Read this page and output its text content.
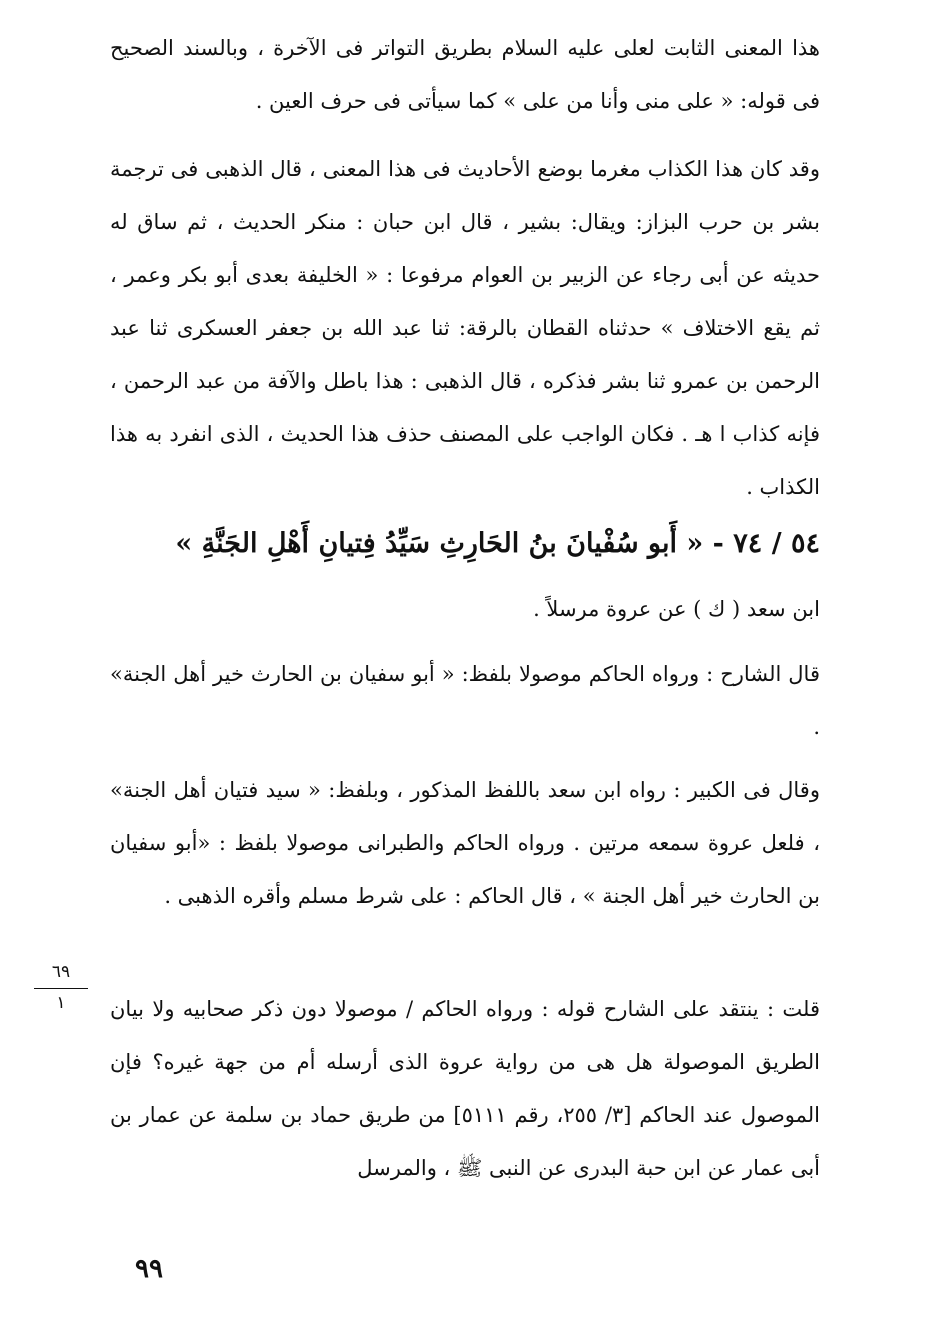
هذا المعنى الثابت لعلى عليه السلام بطريق التواتر فى الآخرة ، وبالسند الصحيح فى قوله: « على منى وأنا من على » كما سيأتى فى حرف العين .

وقد كان هذا الكذاب مغرما بوضع الأحاديث فى هذا المعنى ، قال الذهبى فى ترجمة بشر بن حرب البزاز: ويقال: بشير ، قال ابن حبان : منكر الحديث ، ثم ساق له حديثه عن أبى رجاء عن الزبير بن العوام مرفوعا : « الخليفة بعدى أبو بكر وعمر ، ثم يقع الاختلاف » حدثناه القطان بالرقة: ثنا عبد الله بن جعفر العسكرى ثنا عبد الرحمن بن عمرو ثنا بشر فذكره ، قال الذهبى : هذا باطل والآفة من عبد الرحمن ، فإنه كذاب ا هـ . فكان الواجب على المصنف حذف هذا الحديث ، الذى انفرد به هذا الكذاب .

٥٤ / ٧٤ - « أَبو سُفْيانَ بنُ الحَارِثِ سَيِّدُ فِتيانِ أَهْلِ الجَنَّةِ »
ابن سعد ( ك ) عن عروة مرسلاً .

قال الشارح : ورواه الحاكم موصولا بلفظ: « أبو سفيان بن الحارث خير أهل الجنة» .

وقال فى الكبير : رواه ابن سعد باللفظ المذكور ، وبلفظ: « سيد فتيان أهل الجنة» ، فلعل عروة سمعه مرتين . ورواه الحاكم والطبرانى موصولا بلفظ : «أبو سفيان بن الحارث خير أهل الجنة » ، قال الحاكم : على شرط مسلم وأقره الذهبى .

٦٩
١	قلت : ينتقد على الشارح قوله : ورواه الحاكم / موصولا دون ذكر صحابيه ولا بيان الطريق الموصولة هل هى من رواية عروة الذى أرسله أم من جهة غيره؟ فإن الموصول عند الحاكم [٣/ ٢٥٥، رقم ٥١١١] من طريق حماد بن سلمة عن عمار بن أبى عمار عن ابن حبة البدرى عن النبى ﷺ ، والمرسل

٩٩
